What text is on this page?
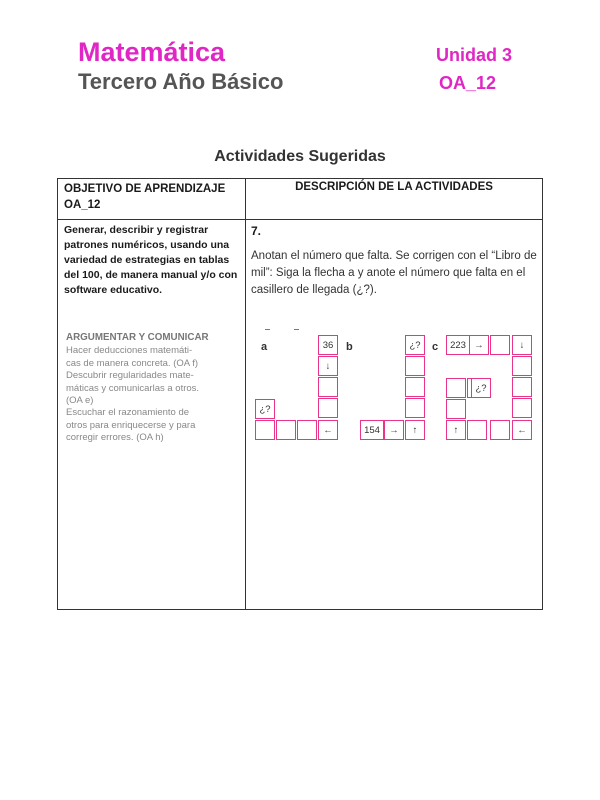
Matemática
Tercero Año Básico
Unidad 3
OA_12
Actividades Sugeridas
OBJETIVO DE APRENDIZAJE
OA_12
DESCRIPCIÓN DE LA ACTIVIDADES
Generar, describir y registrar patrones numéricos, usando una variedad de estrategias en tablas del 100, de manera manual y/o con software educativo.
ARGUMENTAR Y COMUNICAR
Hacer deducciones matemáti-
cas de manera concreta. (OA f)
Descubrir regularidades mate-
máticas y comunicarlas a otros.
(OA e)
Escuchar el razonamiento de
otros para enriquecerse y para
corregir errores. (OA h)
7.
Anotan el número que falta. Se corrigen con el “Libro de mil”: Siga la flecha a y anote el número que falta en el casillero de llegada (¿?).
a	36
↓
←
¿?
b	¿?
↑
→
154
c	223 →	↓
←
↑
¿?
